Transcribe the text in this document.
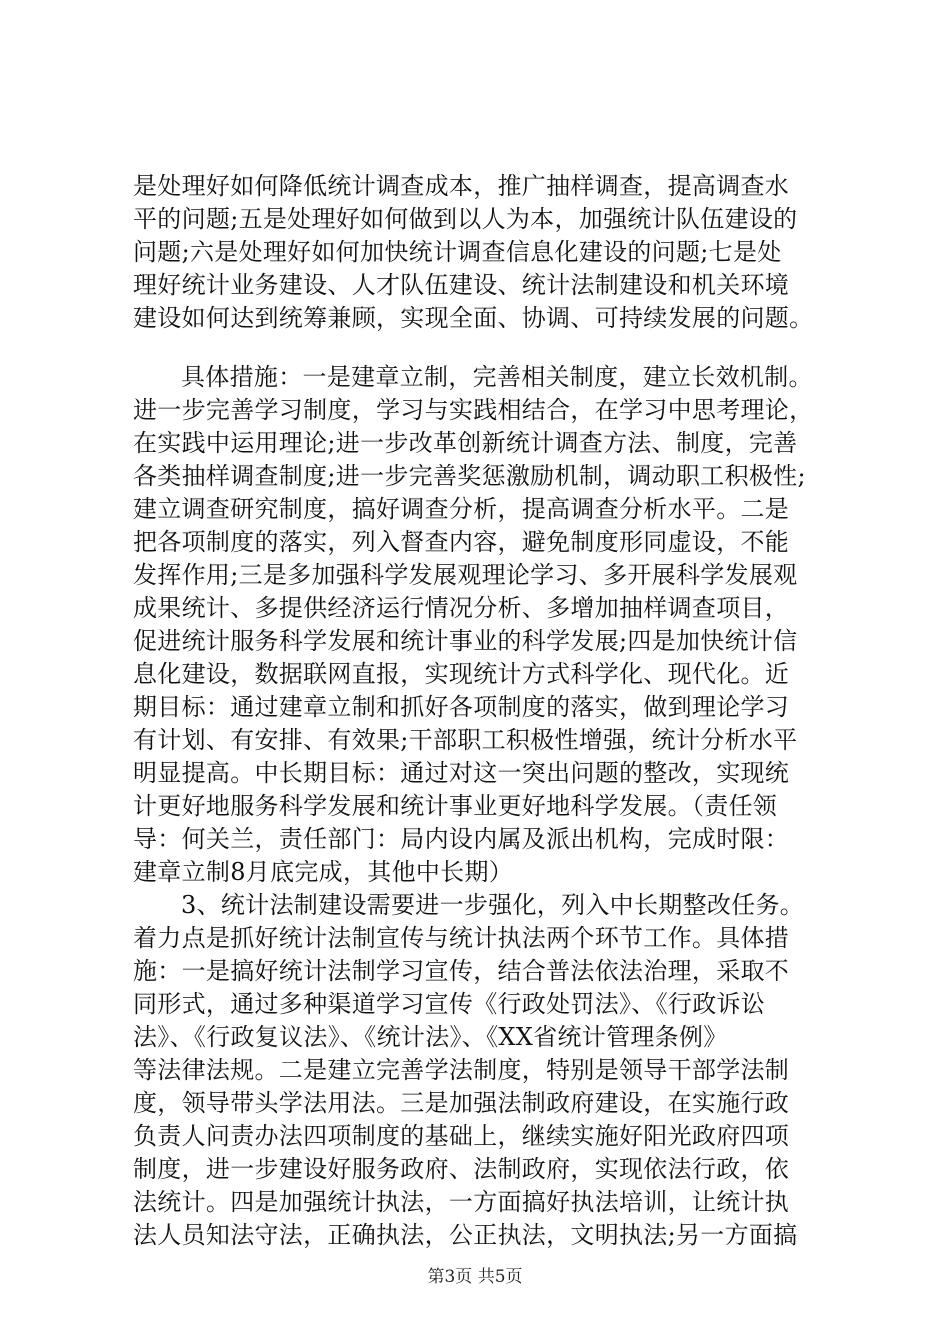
是处理好如何降低统计调查成本，推广抽样调查，提高调查水
平的问题;五是处理好如何做到以人为本，加强统计队伍建设的
问题;六是处理好如何加快统计调查信息化建设的问题;七是处
理好统计业务建设、人才队伍建设、统计法制建设和机关环境
建设如何达到统筹兼顾，实现全面、协调、可持续发展的问题。
具体措施：一是建章立制，完善相关制度，建立长效机制。
进一步完善学习制度，学习与实践相结合，在学习中思考理论，
在实践中运用理论;进一步改革创新统计调查方法、制度，完善
各类抽样调查制度;进一步完善奖惩激励机制，调动职工积极性;
建立调查研究制度，搞好调查分析，提高调查分析水平。二是
把各项制度的落实，列入督查内容，避免制度形同虚设，不能
发挥作用;三是多加强科学发展观理论学习、多开展科学发展观
成果统计、多提供经济运行情况分析、多增加抽样调查项目，
促进统计服务科学发展和统计事业的科学发展;四是加快统计信
息化建设，数据联网直报，实现统计方式科学化、现代化。近
期目标：通过建章立制和抓好各项制度的落实，做到理论学习
有计划、有安排、有效果;干部职工积极性增强，统计分析水平
明显提高。中长期目标：通过对这一突出问题的整改，实现统
计更好地服务科学发展和统计事业更好地科学发展。（责任领
导：何关兰，责任部门：局内设内属及派出机构，完成时限：
建章立制8月底完成，其他中长期）
3、统计法制建设需要进一步强化，列入中长期整改任务。
着力点是抓好统计法制宣传与统计执法两个环节工作。具体措
施：一是搞好统计法制学习宣传，结合普法依法治理，采取不
同形式，通过多种渠道学习宣传《行政处罚法》、《行政诉讼
法》、《行政复议法》、《统计法》、《XX省统计管理条例》
等法律法规。二是建立完善学法制度，特别是领导干部学法制
度，领导带头学法用法。三是加强法制政府建设，在实施行政
负责人问责办法四项制度的基础上，继续实施好阳光政府四项
制度，进一步建设好服务政府、法制政府，实现依法行政，依
法统计。四是加强统计执法，一方面搞好执法培训，让统计执
法人员知法守法，正确执法，公正执法，文明执法;另一方面搞
第3页 共5页
